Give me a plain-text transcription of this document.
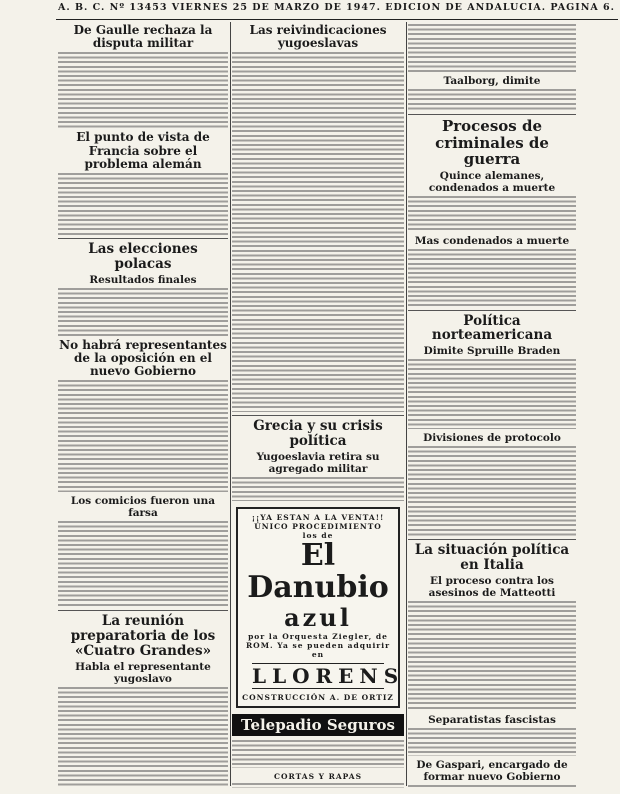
A. B. C. Nº 13453 VIERNES 25 DE MARZO DE 1947. EDICION DE ANDALUCIA. PAGINA 6.
De Gaulle rechaza la disputa militar
El punto de vista de Francia sobre el problema alemán
Las elecciones polacas
Resultados finales
No habrá representantes de la oposición en el nuevo Gobierno
Los comicios fueron una farsa
La reunión preparatoria de los «Cuatro Grandes»
Habla el representante yugoslavo
Las reivindicaciones yugoeslavas
Grecia y su crisis política
Yugoeslavia retira su agregado militar
¡¡YA ESTAN A LA VENTA!! ÚNICO PROCEDIMIENTO
los de
El Danubio
azul
por la Orquesta Ziegler, de ROM. Ya se pueden adquirir en
LLORENS
CONSTRUCCIÓN A. DE ORTIZ
Telepadio Seguros
CORTAS Y RAPAS
Taalborg, dimite
Procesos de criminales de guerra
Quince alemanes, condenados a muerte
Mas condenados a muerte
Política norteamericana
Dimite Spruille Braden
Divisiones de protocolo
La situación política en Italia
El proceso contra los asesinos de Matteotti
Separatistas fascistas
De Gaspari, encargado de formar nuevo Gobierno
